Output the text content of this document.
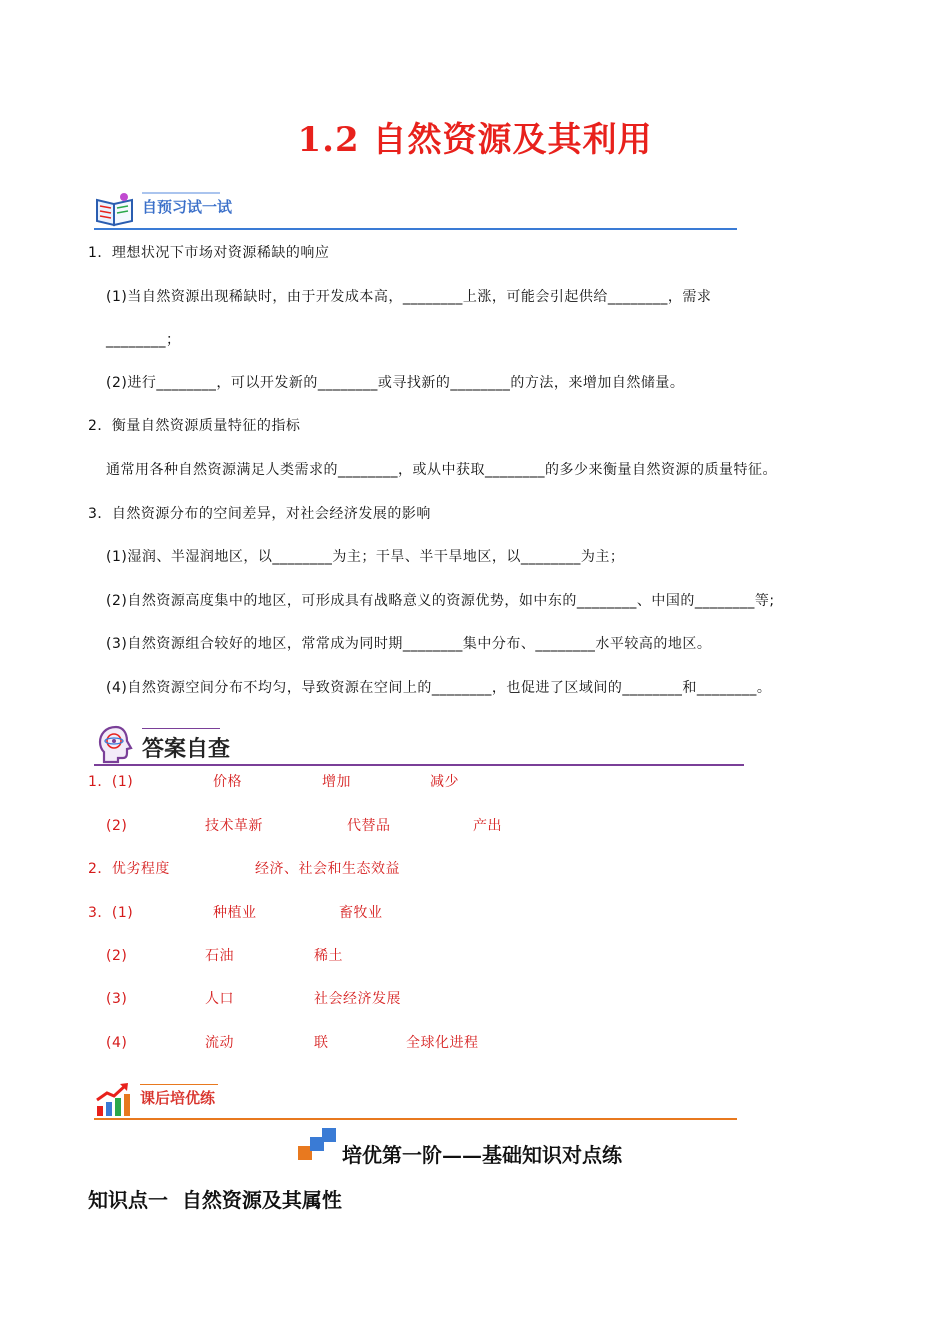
1.2 自然资源及其利用
自预习试一试
1．理想状况下市场对资源稀缺的响应
(1)当自然资源出现稀缺时，由于开发成本高，________上涨，可能会引起供给________，需求
________；
(2)进行________，可以开发新的________或寻找新的________的方法，来增加自然储量。
2．衡量自然资源质量特征的指标
通常用各种自然资源满足人类需求的________，或从中获取________的多少来衡量自然资源的质量特征。
3．自然资源分布的空间差异，对社会经济发展的影响
(1)湿润、半湿润地区，以________为主；干旱、半干旱地区，以________为主；
(2)自然资源高度集中的地区，可形成具有战略意义的资源优势，如中东的________、中国的________等;
(3)自然资源组合较好的地区，常常成为同时期________集中分布、________水平较高的地区。
(4)自然资源空间分布不均匀，导致资源在空间上的________，也促进了区域间的________和________。
答案自查
1．(1)	价格	增加	减少
(2)	技术革新	代替品	产出
2．优劣程度	经济、社会和生态效益
3．(1)	种植业	畜牧业
(2)	石油	稀土
(3)	人口	社会经济发展
(4)	流动	联	全球化进程
课后培优练
培优第一阶——基础知识对点练
知识点一  自然资源及其属性
